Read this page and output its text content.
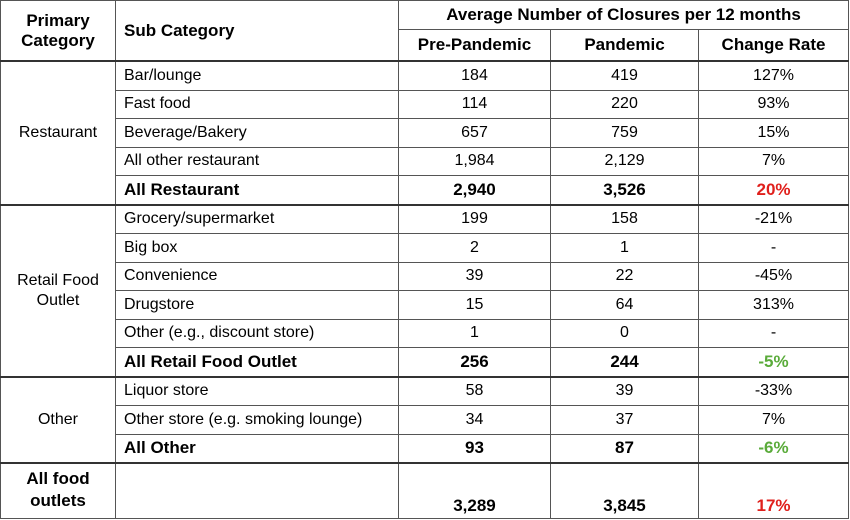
Primary Category	Sub Category	Average Number of Closures per 12 months		
		Pre-Pandemic	Pandemic	Change Rate
Restaurant	Bar/lounge	184	419	127%
	Fast food	114	220	93%
	Beverage/Bakery	657	759	15%
	All other restaurant	1,984	2,129	7%
	All Restaurant	2,940	3,526	20%
Retail Food Outlet	Grocery/supermarket	199	158	-21%
	Big box	2	1	-
	Convenience	39	22	-45%
	Drugstore	15	64	313%
	Other (e.g., discount store)	1	0	-
	All Retail Food Outlet	256	244	-5%
Other	Liquor store	58	39	-33%
	Other store (e.g. smoking lounge)	34	37	7%
	All Other	93	87	-6%
All food outlets		3,289	3,845	17%
